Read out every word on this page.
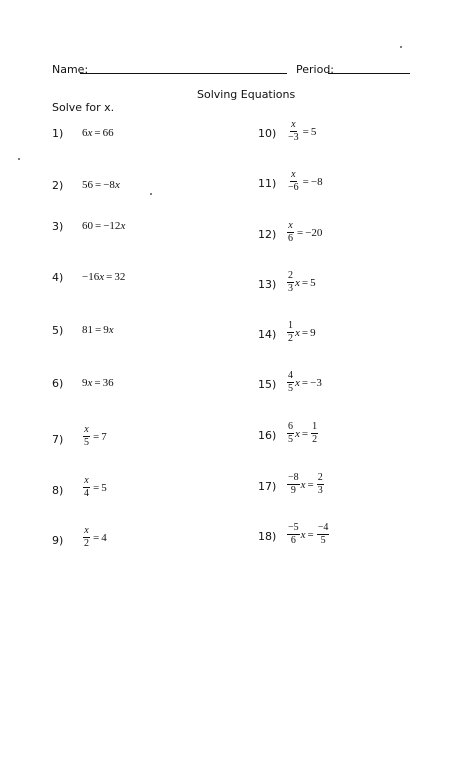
Name:	Period:
Solving Equations
Solve for x.
1) 6 x = 66
2) 56 = −8 x
3) 60 = −12 x
4) −16 x = 32
5) 81 = 9 x
6) 9 x = 36
$7) \frac{x}{5} = 7$
$8) \frac{x}{4} = 5$
$9) \frac{x}{2} = 4$
$10) \frac{x}{-3} = 5$
$11) \frac{x}{-6} = -8$
$12) \frac{x}{6} = -20$
$13) \frac{2}{3}$ x = 5
$14) \frac{1}{2}$ x = 9
$15) \frac{4}{5}$ x = −3
$16) \frac{6}{5}$ $x = \frac{1}{2}$
$17) \frac{-8}{9}$ $x = \frac{2}{3}$
$18) \frac{-5}{6}$ $x = \frac{-4}{5}$
